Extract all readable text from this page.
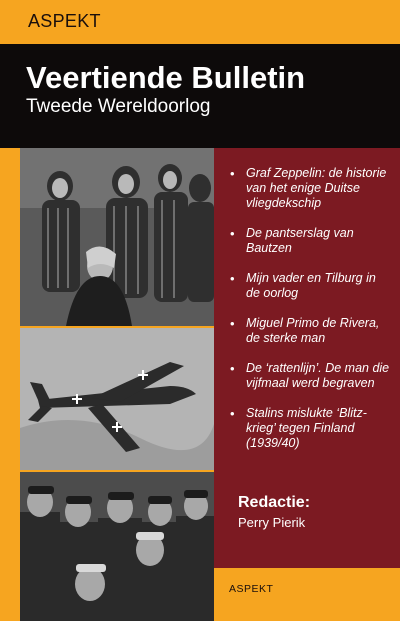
ASPEKT
Veertiende Bulletin
Tweede Wereldoorlog
• Graf Zeppelin: de historie van het enige Duitse vliegdekschip
• De pantserslag van Bautzen
• Mijn vader en Tilburg in de oorlog
• Miguel Primo de Rivera, de sterke man
• De ‘rattenlijn’. De man die vijfmaal werd begraven
• Stalins mislukte ‘Blitz-krieg’ tegen Finland (1939/40)
Redactie:
Perry Pierik
ASPEKT
